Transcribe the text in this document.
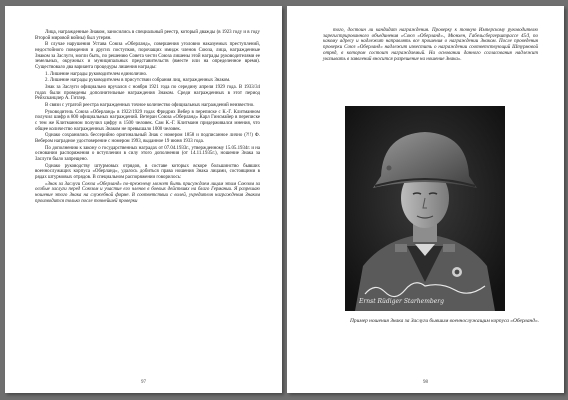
Лица, награжденные Знаком, заносились в специальный реестр, который дважды (в 1923 году и в году Второй мировой войны) был утерян.

В случае нарушения Устава Союза «Оберланд», совершения уголовно наказуемых преступлений, недостойного поведения и других поступков, порочащих имидж членов Союза, лица, награжденные Знаком за Заслуги, могли быть, по решению Совета чести Союза лишены этой награды руководителями ее земельных, окружных и муниципальных представительств (вместе или на определенное время). Существовало два варианта процедуры лишения награды:

1. Лишение награды руководителем единолично.

2. Лишение награды руководителем в присутствии собрания лиц, награжденных Знаком.

Знак за Заслуги официально вручался с ноября 1921 года по середину апреля 1929 года. В 1933/34 годах были проведены дополнительные награждения Знаком. Среди награжденных в этот период Рейхсканцлер А. Гитлер.

В связи с утратой реестра награжденных точное количество официальных награждений неизвестно.

Руководитель Союза «Оберланд» в 1922/1929 годах Фридрих Вебер в переписке с К.-Г. Клитманном получил шифр в 800 официальных награждений. Ветеран Союза «Оберланд» Карл Гинсмайер в переписке с тем же Клитманном получил цифру в 1500 человек. Сам К.-Г. Клитманн придерживался мнения, что общее количество награжденных Знаком не превышало 1000 человек.

Однако сохранились бессерийно оригинальный Знак с номером 1858 и подписанное лично (?!!) Ф. Вебером наградное удостоверение с номером 1993, выданное 19 июня 1933 года.

По дополнению к закону о государственных наградах от 07.04.1933г., утвержденному 15.05.1934г. и на основании распоряжения о вступлении в силу этого дополнения (от 14.11.1935г.), ношение Знака за Заслуги было запрещено.

Однако руководству штурмовых отрядов, в составе которых вскоре большинство бывших военнослужащих корпуса «Оберланд», удалось добиться права ношения Знака лицами, состоящими в рядах штурмовых отрядов. В специальном распоряжении говорилось:

«Знак за Заслуги Союза «Оберланд» по-прежнему может быть присуждаем лицам этим Союзом за особые заслуги перед Союзом и участие его членов в боевых действиях на благо Германии. Я разрешаю ношение этого Знака на служебной форме. В соответствии с волей, учредителя награждения Знаком производится только после точнейшей проверки

97

того, достоин ли кандидат награждения. Проверку к точную Имперскому руководителю зарегистрированного объединения «Союз «Оберланд»., Мюнхен, Габельсбергерштрассе 45/I, по какому адресу и надлежит направлять все прошения о награждении Знаком. После проведения проверки Союз «Оберланд» надлежит известить о награждении соответствующий Штурмовой отряд, в котором состоит награждаемый. На основании данного согласования надлежит указывать в заявлений вносится разрешение на ношение Знака».

Ernst Rüdiger Starhemberg
Пример ношения Знака за Заслуги бывшим военнослужащим корпуса «Оберланд».
98
